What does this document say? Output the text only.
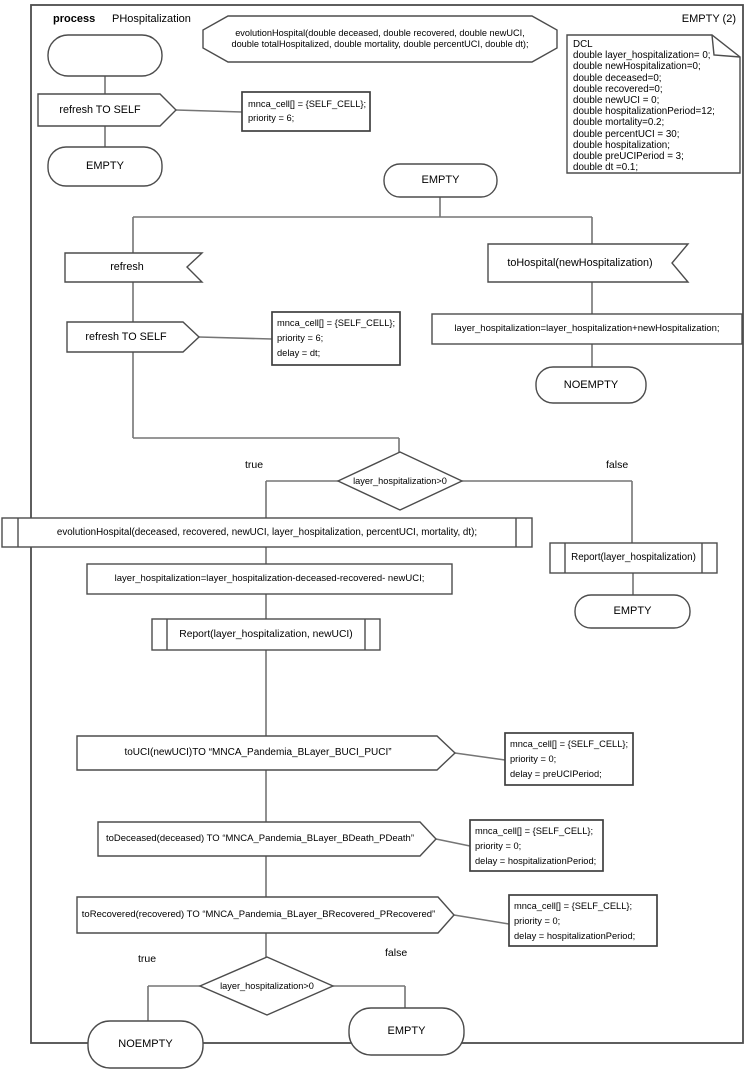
process PHospitalization	EMPTY (2)
evolutionHospital(double deceased, double recovered, double newUCI,
double totalHospitalized, double mortality, double percentUCI, double dt);	DCL
double layer_hospitalization= 0;
double newHospitalization=0;
double deceased=0;
double recovered=0;
double newUCI = 0;
double hospitalizationPeriod=12;
double mortality=0.2;
double percentUCI = 30;
double hospitalization;
double preUCIPeriod = 3;
double dt =0.1;
refresh TO SELF	mnca_cell[] = {SELF_CELL};
priority = 6;
EMPTY
EMPTY
refresh
refresh TO SELF
mnca_cell[] = {SELF_CELL};
priority = 6;
delay = dt;
toHospital(newHospitalization)
layer_hospitalization=layer_hospitalization+newHospitalization;
NOEMPTY
layer_hospitalization>0
true	false
evolutionHospital(deceased, recovered, newUCI, layer_hospitalization, percentUCI, mortality, dt);
layer_hospitalization=layer_hospitalization-deceased-recovered- newUCI;
Report(layer_hospitalization, newUCI)
Report(layer_hospitalization)
EMPTY
toUCI(newUCI)TO “MNCA_Pandemia_BLayer_BUCI_PUCI”
mnca_cell[] = {SELF_CELL};
priority = 0;
delay = preUCIPeriod;
toDeceased(deceased) TO “MNCA_Pandemia_BLayer_BDeath_PDeath”
mnca_cell[] = {SELF_CELL};
priority = 0;
delay = hospitalizationPeriod;
toRecovered(recovered) TO “MNCA_Pandemia_BLayer_BRecovered_PRecovered”
mnca_cell[] = {SELF_CELL};
priority = 0;
delay = hospitalizationPeriod;
layer_hospitalization>0
true	false
NOEMPTY
EMPTY
